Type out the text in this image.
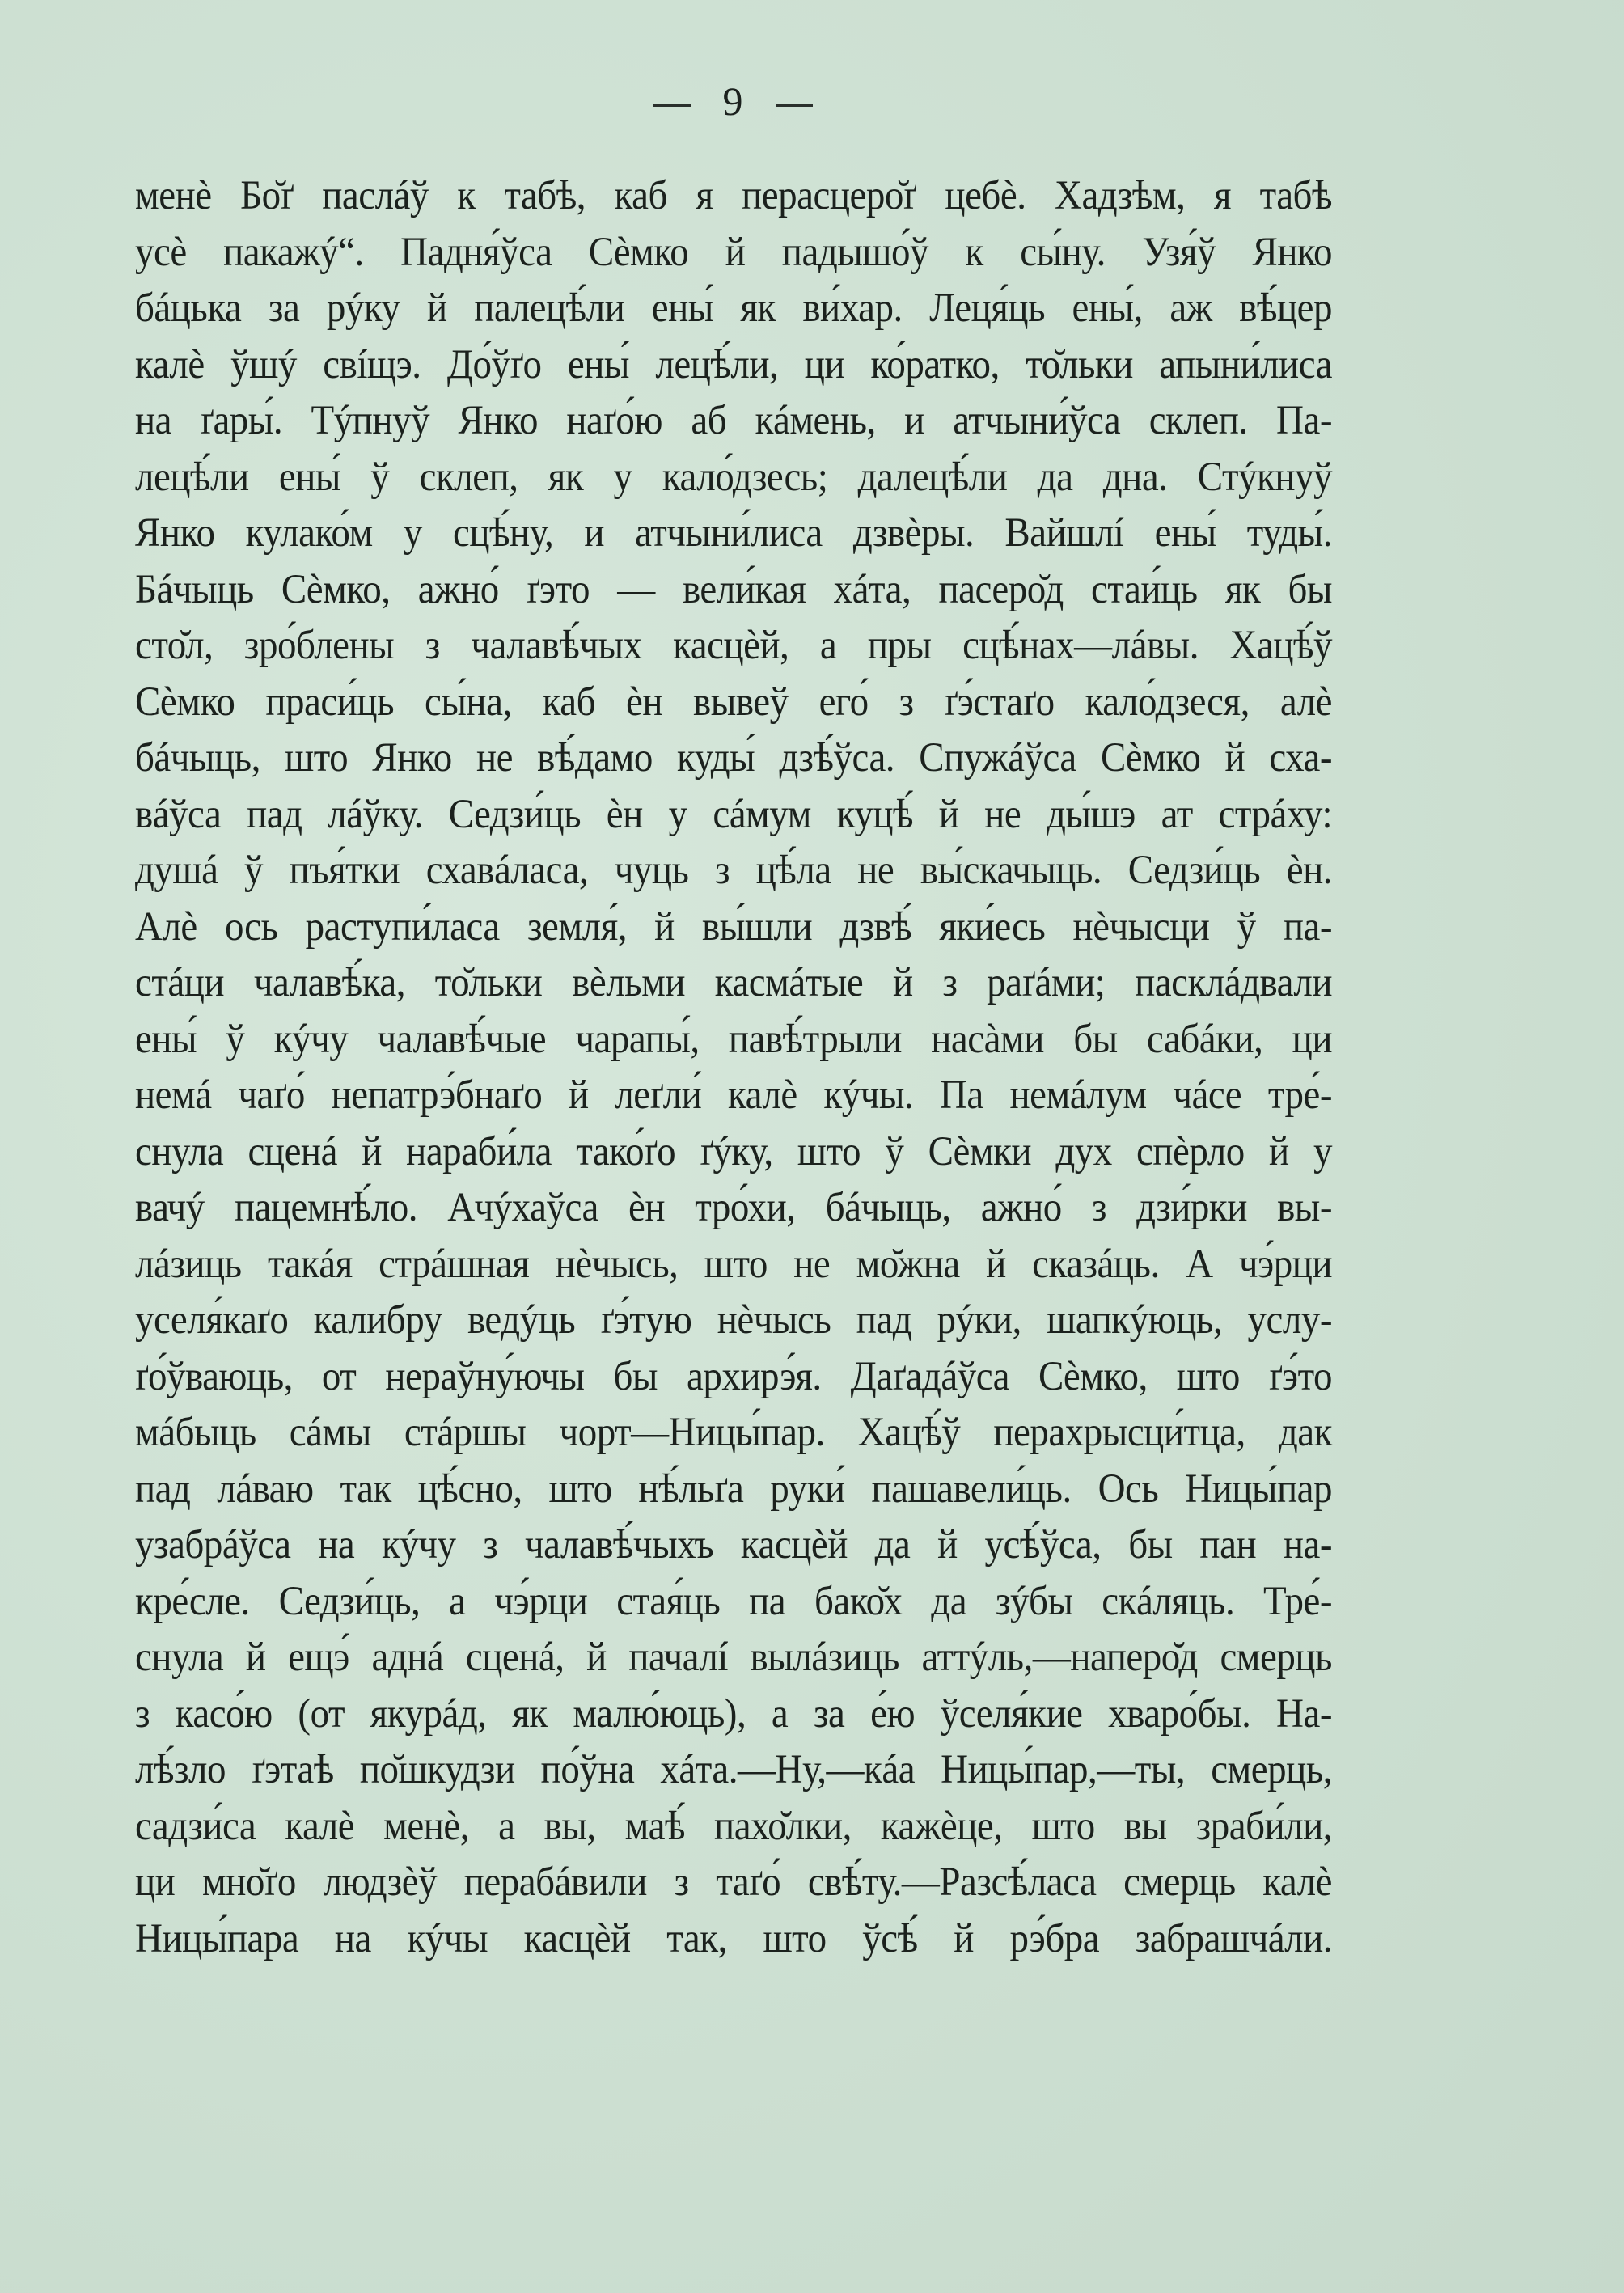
9
менѐ Бо̆ґ паслáў к табѣ, каб я перасцеро̆ґ цебѐ. Хадзѣм, я табѣ
усѐ пакажý“. Падня́ўса Сѐмко й падышо́ў к сы́ну. Узя́ў Янко
бáцька за рýку й палецѣ́ли ены́ як ви́хар. Леця́ць ены́, аж вѣ́цер
калѐ ўшý свíщэ. До́ўґо ены́ лецѣ́ли, ци ко́ратко, то̆льки апыни́лиса
на ґары́. Тýпнуў Янко наґо́ю аб кáмень, и атчыни́ўса склеп. Па-
лецѣ́ли ены́ ў склеп, як у кало́дзесь; далецѣ́ли да дна. Стýкнуў
Янко кулако́м у сцѣ́ну, и атчыни́лиса дзвѐры. Вайшлí ены́ туды́.
Бáчыць Сѐмко, ажно́ ґэто — вели́кая хáта, пасеро̆д стаи́ць як бы
сто̆л, зро́блены з чалавѣ́чых касцѐй, а пры сцѣ́нах—лáвы. Хацѣ́ў
Сѐмко праси́ць сы́на, каб ѐн вывеў его́ з ґэ́стаґо кало́дзеся, алѐ
бáчыць, што Янко не вѣ́дамо куды́ дзѣ́ўса. Спужáўса Сѐмко й сха-
вáўса пад лáўку. Седзи́ць ѐн у сáмум куцѣ́ й не ды́шэ ат стрáху:
душá ў пъя́тки схавáласа, чуць з цѣ́ла не вы́скачыць. Седзи́ць ѐн.
Алѐ ось раступи́ласа земля́, й вы́шли дзвѣ́ яки́есь нѐчысци ў па-
стáци чалавѣ́ка, то̆льки вѐльми касмáтые й з раґáми; пасклáдвали
ены́ ў кýчу чалавѣ́чые чарапы́, павѣ́трыли насàми бы сабáки, ци
немá чаґо́ непатрэ́бнаґо й леґли́ калѐ кýчы. Па немáлум чáсе тре́-
снула сценá й нараби́ла тако́ґо ґýку, што ў Сѐмки дух спѐрло й у
вачý пацемнѣ́ло. Ачýхаўса ѐн тро́хи, бáчыць, ажно́ з дзи́рки вы-
лáзиць такáя стрáшная нѐчысь, што не мо̆жна й сказáць. А чэ́рци
уселя́каґо калибру ведýць ґэ́тую нѐчысь пад рýки, шапкýюць, услу-
ґо́ўваюць, от нераўну́ючы бы архирэ́я. Даґадáўса Сѐмко, што ґэ́то
мáбыць сáмы стáршы чорт—Ницы́пар. Хацѣ́ў перахрысци́тца, дак
пад лáваю так цѣ́сно, што нѣ́льґа руки́ пашавели́ць. Ось Ницы́пар
узабрáўса на кýчу з чалавѣ́чыхъ касцѐй да й усѣ́ўса, бы пан на-
кре́сле. Седзи́ць, а чэ́рци стая́ць па бако̆х да зýбы скáляць. Тре́-
снула й ещэ́ аднá сценá, й пачалí вылáзиць аттýль,—наперо̆д смерць
з касо́ю (от якурáд, як малю́юць), а за е́ю ўселя́кие хваро́бы. На-
лѣ́зло ґэтаѣ по̆шкудзи по́ўна хáта.—Ну,—кáа Ницы́пар,—ты, смерць,
садзи́са калѐ менѐ, а вы, маѣ́ пахо̆лки, кажѐце, што вы зраби́ли,
ци мно̆ґо людзѐў перабáвили з таґо́ свѣ́ту.—Разсѣ́ласа смерць калѐ
Ницы́пара на кýчы касцѐй так, што ўсѣ́ й рэ́бра забрашчáли.
